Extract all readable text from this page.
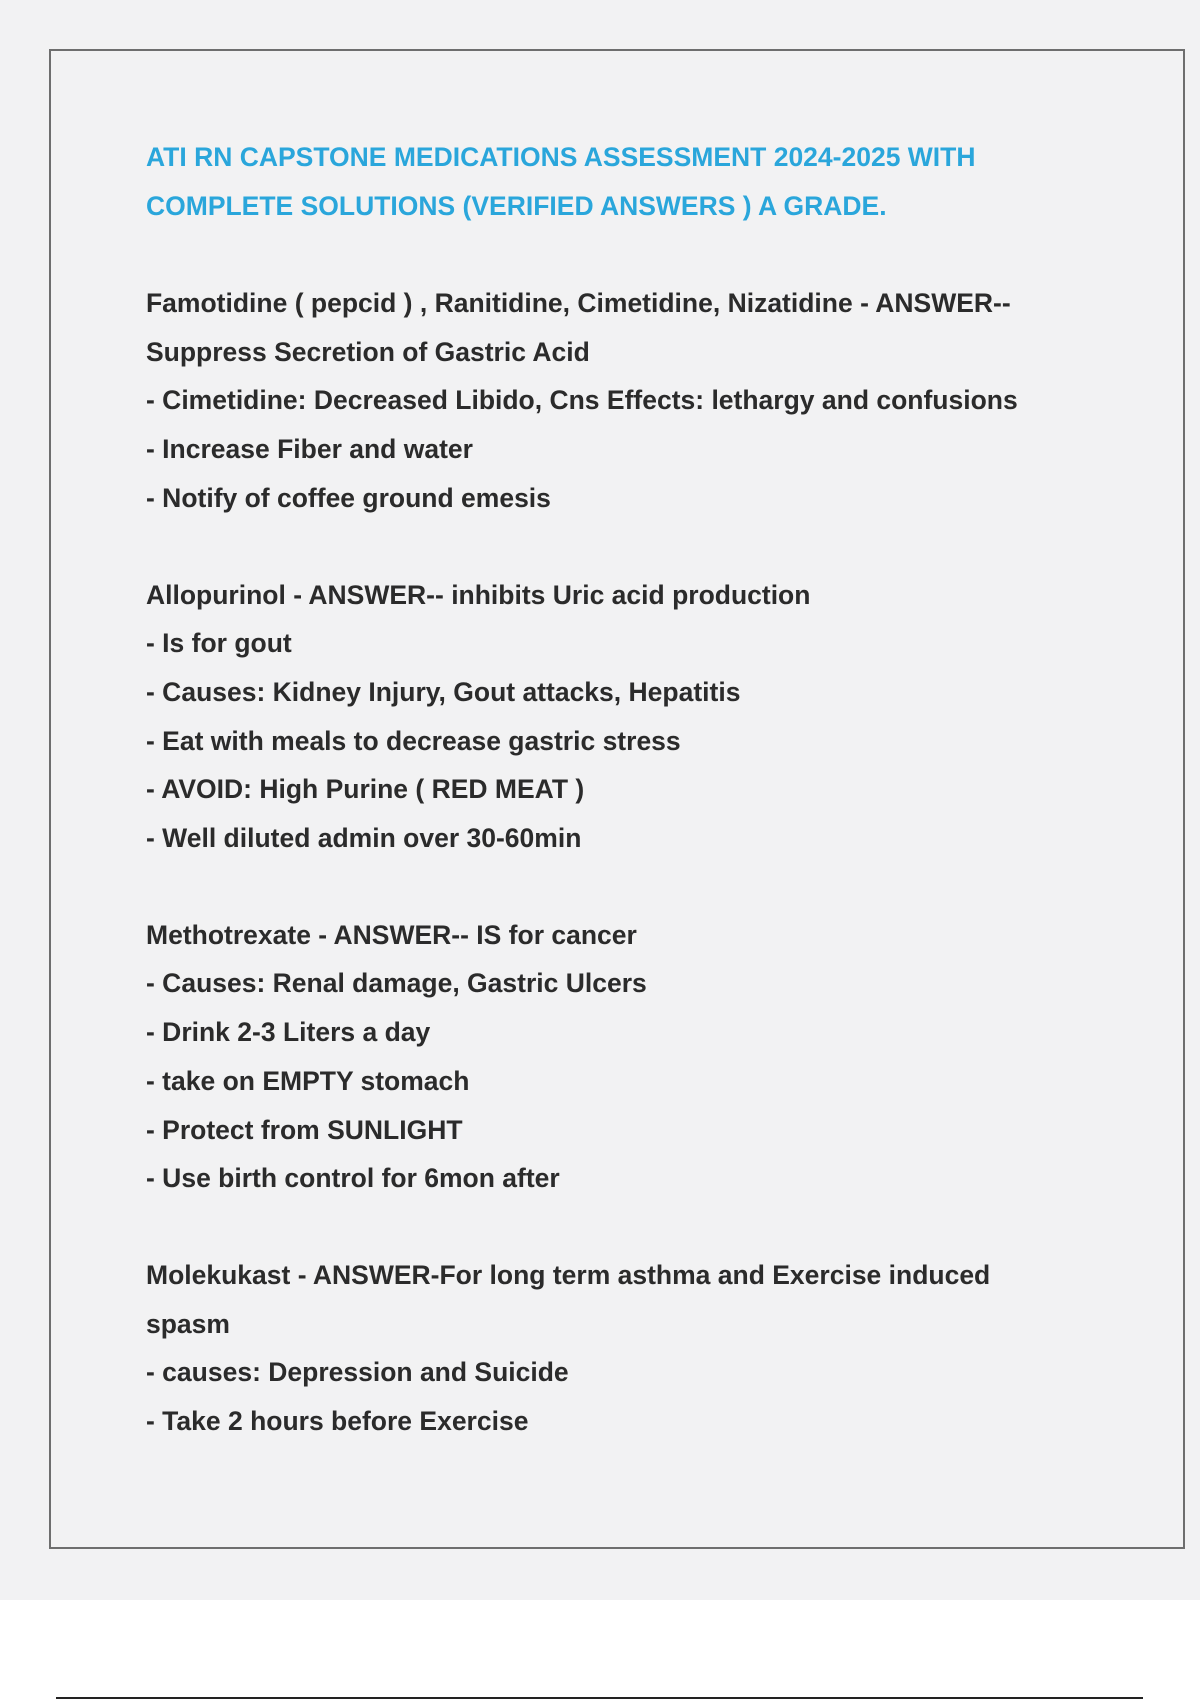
ATI RN CAPSTONE MEDICATIONS ASSESSMENT 2024-2025 WITH
COMPLETE SOLUTIONS (VERIFIED ANSWERS ) A GRADE.
Famotidine ( pepcid ) , Ranitidine, Cimetidine, Nizatidine - ANSWER--
Suppress Secretion of Gastric Acid
- Cimetidine: Decreased Libido, Cns Effects: lethargy and confusions
- Increase Fiber and water
- Notify of coffee ground emesis
Allopurinol - ANSWER-- inhibits Uric acid production
- Is for gout
- Causes: Kidney Injury, Gout attacks, Hepatitis
- Eat with meals to decrease gastric stress
- AVOID: High Purine ( RED MEAT )
- Well diluted admin over 30-60min
Methotrexate - ANSWER-- IS for cancer
- Causes: Renal damage, Gastric Ulcers
- Drink 2-3 Liters a day
- take on EMPTY stomach
- Protect from SUNLIGHT
- Use birth control for 6mon after
Molekukast - ANSWER-For long term asthma and Exercise induced
spasm
- causes: Depression and Suicide
- Take 2 hours before Exercise
